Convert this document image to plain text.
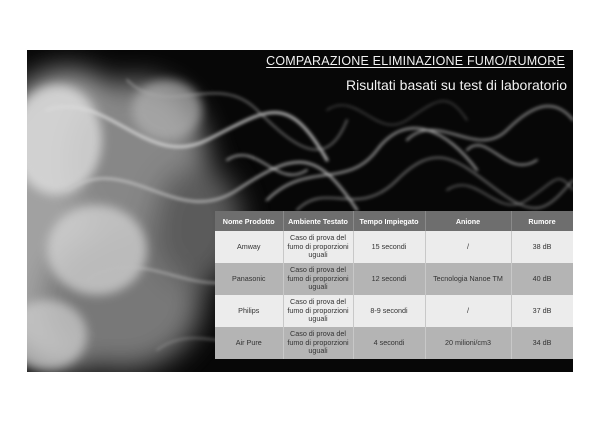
COMPARAZIONE ELIMINAZIONE FUMO/RUMORE
Risultati basati su test di laboratorio
Nome Prodotto	Ambiente Testato	Tempo Impiegato	Anione	Rumore
Amway	Caso di prova del fumo di proporzioni uguali	15 secondi	/	38 dB
Panasonic	Caso di prova del fumo di proporzioni uguali	12 secondi	Tecnologia Nanoe TM	40 dB
Philips	Caso di prova del fumo di proporzioni uguali	8-9 secondi	/	37 dB
Air Pure	Caso di prova del fumo di proporzioni uguali	4 secondi	20 milioni/cm3	34 dB
